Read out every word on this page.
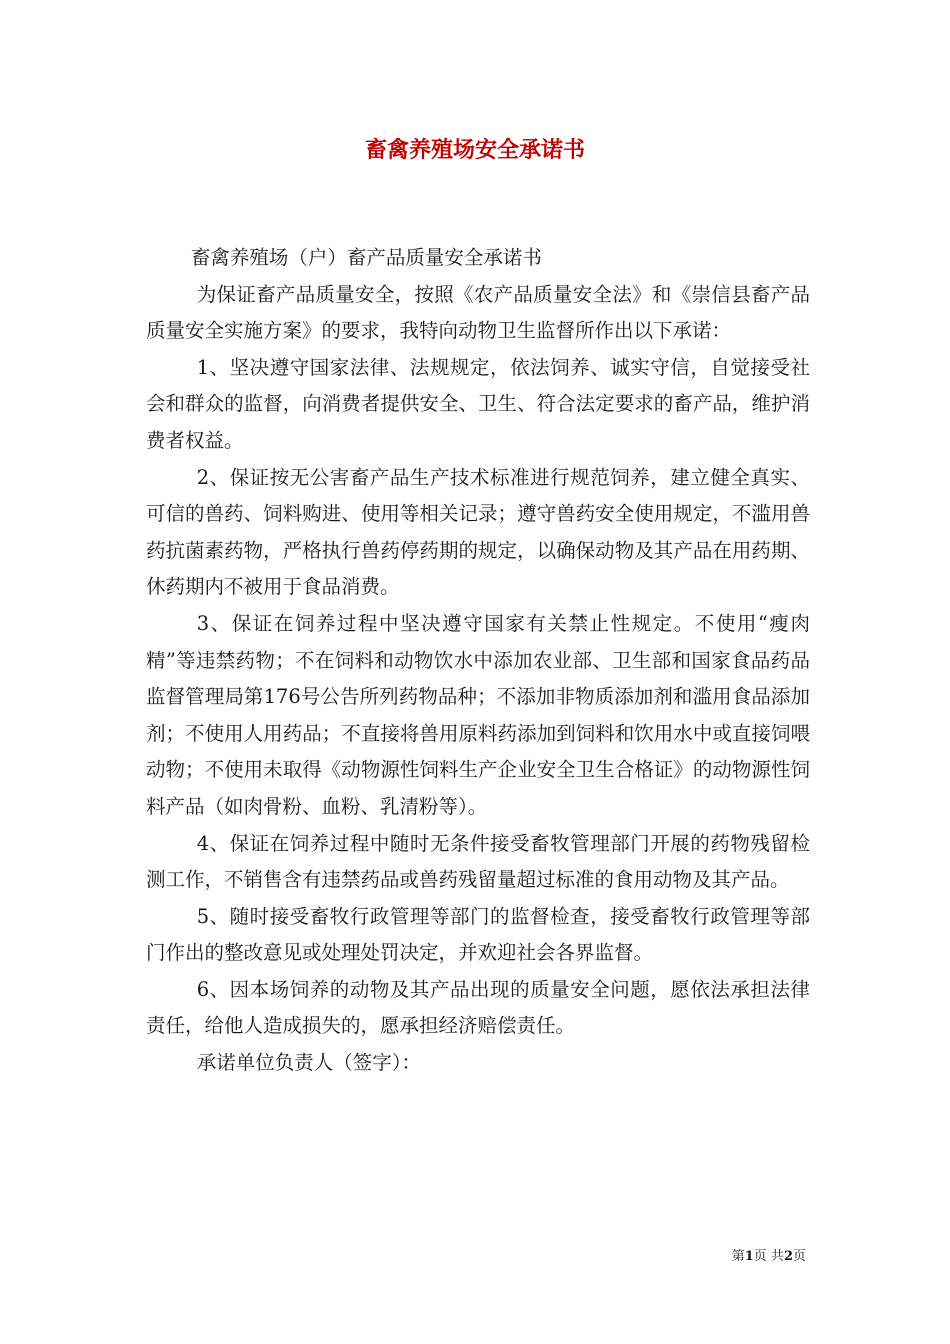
畜禽养殖场安全承诺书

畜禽养殖场（户）畜产品质量安全承诺书

为保证畜产品质量安全，按照《农产品质量安全法》和《崇信县畜产品质量安全实施方案》的要求，我特向动物卫生监督所作出以下承诺：

1、坚决遵守国家法律、法规规定，依法饲养、诚实守信，自觉接受社会和群众的监督，向消费者提供安全、卫生、符合法定要求的畜产品，维护消费者权益。

2、保证按无公害畜产品生产技术标准进行规范饲养，建立健全真实、可信的兽药、饲料购进、使用等相关记录；遵守兽药安全使用规定，不滥用兽药抗菌素药物，严格执行兽药停药期的规定，以确保动物及其产品在用药期、休药期内不被用于食品消费。

3、保证在饲养过程中坚决遵守国家有关禁止性规定。不使用“瘦肉精”等违禁药物；不在饲料和动物饮水中添加农业部、卫生部和国家食品药品监督管理局第176号公告所列药物品种；不添加非物质添加剂和滥用食品添加剂；不使用人用药品；不直接将兽用原料药添加到饲料和饮用水中或直接饲喂动物；不使用未取得《动物源性饲料生产企业安全卫生合格证》的动物源性饲料产品（如肉骨粉、血粉、乳清粉等）。

4、保证在饲养过程中随时无条件接受畜牧管理部门开展的药物残留检测工作，不销售含有违禁药品或兽药残留量超过标准的食用动物及其产品。

5、随时接受畜牧行政管理等部门的监督检查，接受畜牧行政管理等部门作出的整改意见或处理处罚决定，并欢迎社会各界监督。

6、因本场饲养的动物及其产品出现的质量安全问题，愿依法承担法律责任，给他人造成损失的，愿承担经济赔偿责任。

承诺单位负责人（签字）：

第1页 共2页
